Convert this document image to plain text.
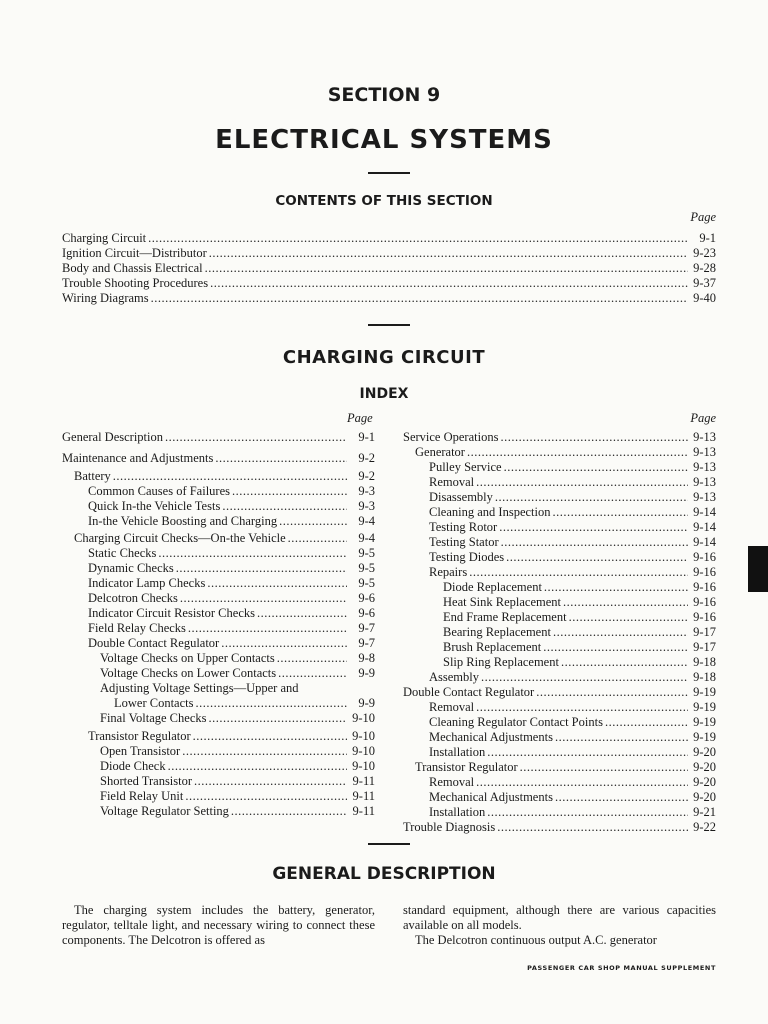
SECTION 9
ELECTRICAL SYSTEMS
CONTENTS OF THIS SECTION
Page
Charging Circuit .....	9-1
Ignition Circuit—Distributor .....	9-23
Body and Chassis Electrical .....	9-28
Trouble Shooting Procedures .....	9-37
Wiring Diagrams .....	9-40
CHARGING CIRCUIT
INDEX
Page	Page
General Description .....	9-1
Maintenance and Adjustments .....	9-2
Battery .....	9-2
Common Causes of Failures .....	9-3
Quick In-the Vehicle Tests .....	9-3
In-the Vehicle Boosting and Charging .....	9-4
Charging Circuit Checks—On-the Vehicle .....	9-4
Static Checks .....	9-5
Dynamic Checks .....	9-5
Indicator Lamp Checks .....	9-5
Delcotron Checks .....	9-6
Indicator Circuit Resistor Checks .....	9-6
Field Relay Checks .....	9-7
Double Contact Regulator .....	9-7
Voltage Checks on Upper Contacts .....	9-8
Voltage Checks on Lower Contacts .....	9-9
Adjusting Voltage Settings—Upper and
Lower Contacts .....	9-9
Final Voltage Checks .....	9-10
Transistor Regulator .....	9-10
Open Transistor .....	9-10
Diode Check .....	9-10
Shorted Transistor .....	9-11
Field Relay Unit .....	9-11
Voltage Regulator Setting .....	9-11
Service Operations .....	9-13
Generator .....	9-13
Pulley Service .....	9-13
Removal .....	9-13
Disassembly .....	9-13
Cleaning and Inspection .....	9-14
Testing Rotor .....	9-14
Testing Stator .....	9-14
Testing Diodes .....	9-16
Repairs .....	9-16
Diode Replacement .....	9-16
Heat Sink Replacement .....	9-16
End Frame Replacement .....	9-16
Bearing Replacement .....	9-17
Brush Replacement .....	9-17
Slip Ring Replacement .....	9-18
Assembly .....	9-18
Double Contact Regulator .....	9-19
Removal .....	9-19
Cleaning Regulator Contact Points .....	9-19
Mechanical Adjustments .....	9-19
Installation .....	9-20
Transistor Regulator .....	9-20
Removal .....	9-20
Mechanical Adjustments .....	9-20
Installation .....	9-21
Trouble Diagnosis .....	9-22
GENERAL DESCRIPTION
The charging system includes the battery, generator, regulator, telltale light, and necessary wiring to connect these components. The Delcotron is offered as
standard equipment, although there are various capacities available on all models.
The Delcotron continuous output A.C. generator
PASSENGER CAR SHOP MANUAL SUPPLEMENT
